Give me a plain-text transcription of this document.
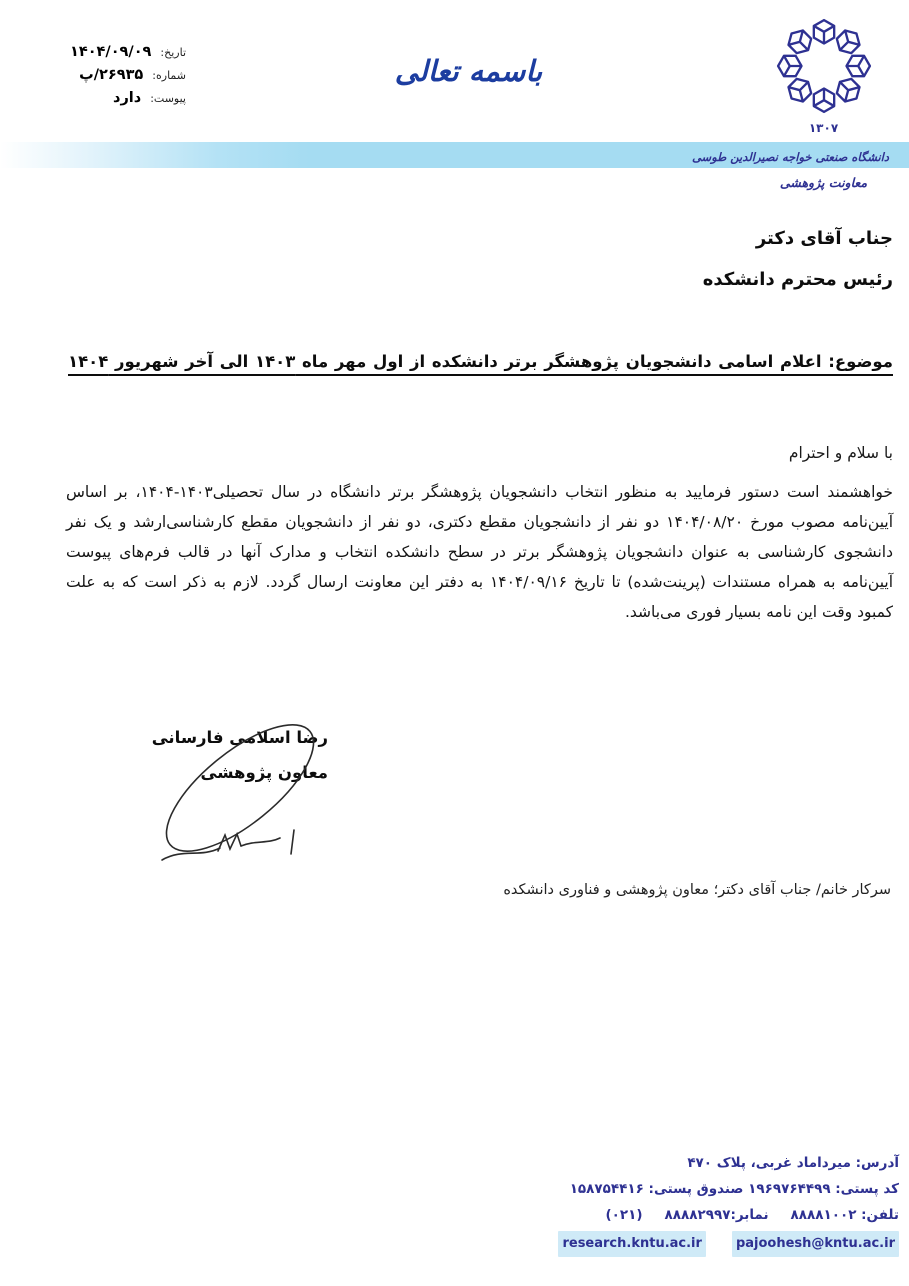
تاریخ:
۱۴۰۴/۰۹/۰۹
شماره:
۲۶۹۳۵/پ
پیوست:
دارد
باسمه تعالی
۱۳۰۷
دانشگاه صنعتی خواجه نصیرالدین طوسی
معاونت پژوهشی
جناب آقای دکتر
رئیس محترم دانشکده
موضوع: اعلام اسامی دانشجویان پژوهشگر برتر دانشکده از اول مهر ماه ۱۴۰۳ الی آخر شهریور ۱۴۰۴
با سلام و احترام
خواهشمند است دستور فرمایید به منظور انتخاب دانشجویان پژوهشگر برتر دانشگاه در سال تحصیلی۱۴۰۳-۱۴۰۴، بر اساس آیین‌نامه مصوب مورخ ۱۴۰۴/۰۸/۲۰ دو نفر از دانشجویان مقطع دکتری، دو نفر از دانشجویان مقطع کارشناسی‌ارشد و یک نفر دانشجوی کارشناسی به عنوان دانشجویان پژوهشگر برتر در سطح دانشکده انتخاب و مدارک آنها در قالب فرم‌های پیوست آیین‌نامه به همراه مستندات (پرینت‌شده) تا تاریخ ۱۴۰۴/۰۹/۱۶ به دفتر این معاونت ارسال گردد. لازم به ذکر است که به علت کمبود وقت این نامه بسیار فوری می‌باشد.
رضا اسلامی فارسانی
معاون پژوهشی
سرکار خانم/ جناب آقای دکتر؛ معاون پژوهشی و فناوری دانشکده
آدرس: میرداماد غربی، پلاک ۴۷۰
کد پستی: ۱۹۶۹۷۶۴۴۹۹ صندوق پستی: ۱۵۸۷۵۴۴۱۶
تلفن: ۸۸۸۸۱۰۰۲
نمابر:۸۸۸۸۲۹۹۷
(۰۲۱)
research.kntu.ac.ir	pajoohesh@kntu.ac.ir
